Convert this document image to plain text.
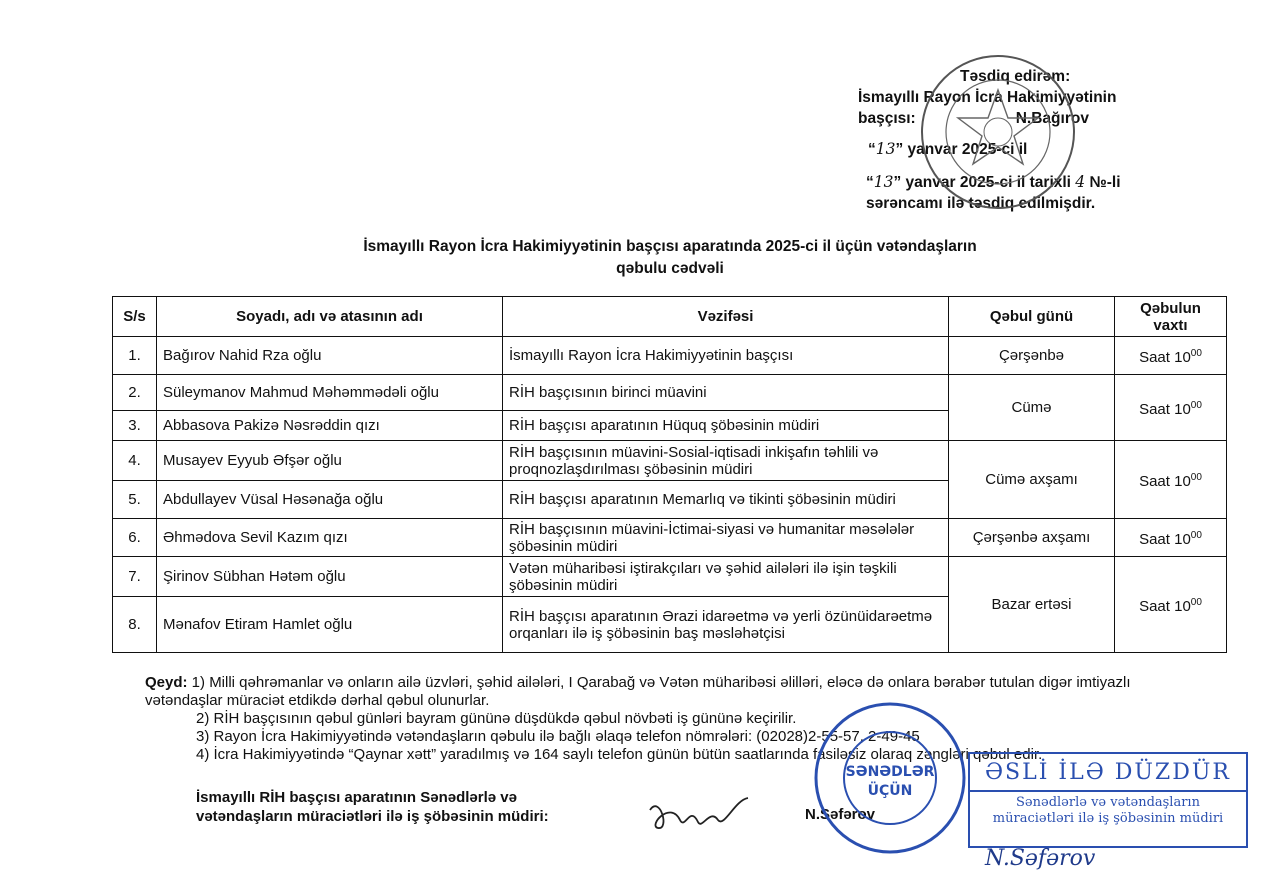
Təsdiq edirəm:
İsmayıllı Rayon İcra Hakimiyyətinin
başçısı:	N.Bağırov
“13” yanvar 2025-ci il
“13” yanvar 2025-ci il tarixli 4 №-li
sərəncamı ilə təsdiq edilmişdir.
İsmayıllı Rayon İcra Hakimiyyətinin başçısı aparatında 2025-ci il üçün vətəndaşların
qəbulu cədvəli
S/s	Soyadı, adı və atasının adı	Vəzifəsi	Qəbul günü	Qəbulun vaxtı
1.	Bağırov Nahid Rza oğlu	İsmayıllı Rayon İcra Hakimiyyətinin başçısı	Çərşənbə	Saat $10^{00}$
2.	Süleymanov Mahmud Məhəmmədəli oğlu	RİH başçısının birinci müavini	Cümə	Saat $10^{00}$
3.	Abbasova Pakizə Nəsrəddin qızı	RİH başçısı aparatının Hüquq şöbəsinin müdiri		
4.	Musayev Eyyub Əfşər oğlu	RİH başçısının müavini-Sosial-iqtisadi inkişafın təhlili və proqnozlaşdırılması şöbəsinin müdiri	Cümə axşamı	Saat $10^{00}$
5.	Abdullayev Vüsal Həsənağa oğlu	RİH başçısı aparatının Memarlıq və tikinti şöbəsinin müdiri		
6.	Əhmədova Sevil Kazım qızı	RİH başçısının müavini-İctimai-siyasi və humanitar məsələlər şöbəsinin müdiri	Çərşənbə axşamı	Saat $10^{00}$
7.	Şirinov Sübhan Hətəm oğlu	Vətən müharibəsi iştirakçıları və şəhid ailələri ilə işin təşkili şöbəsinin müdiri	Bazar ertəsi	Saat $10^{00}$
8.	Mənafov Etiram Hamlet oğlu	RİH başçısı aparatının Ərazi idarəetmə və yerli özünüidarəetmə orqanları ilə iş şöbəsinin baş məsləhətçisi		
Qeyd: 1) Milli qəhrəmanlar və onların ailə üzvləri, şəhid ailələri, I Qarabağ və Vətən müharibəsi əlilləri, eləcə də onlara bərabər tutulan digər imtiyazlı vətəndaşlar müraciət etdikdə dərhal qəbul olunurlar.
2) RİH başçısının qəbul günləri bayram gününə düşdükdə qəbul növbəti iş gününə keçirilir.
3) Rayon İcra Hakimiyyətində vətəndaşların qəbulu ilə bağlı əlaqə telefon nömrələri: (02028)2-55-57, 2-49-45
4) İcra Hakimiyyətində “Qaynar xətt” yaradılmış və 164 saylı telefon günün bütün saatlarında fasiləsiz olaraq zəngləri qəbul edir.
İsmayıllı RİH başçısı aparatının Sənədlərlə və
vətəndaşların müraciətləri ilə iş şöbəsinin müdiri:	N.Səfərov
SƏNƏDLƏR
ÜÇÜN
ƏSLİ İLƏ DÜZDÜR
Sənədlərlə və vətəndaşların
müraciətləri ilə iş şöbəsinin müdiri
N.Səfərov
